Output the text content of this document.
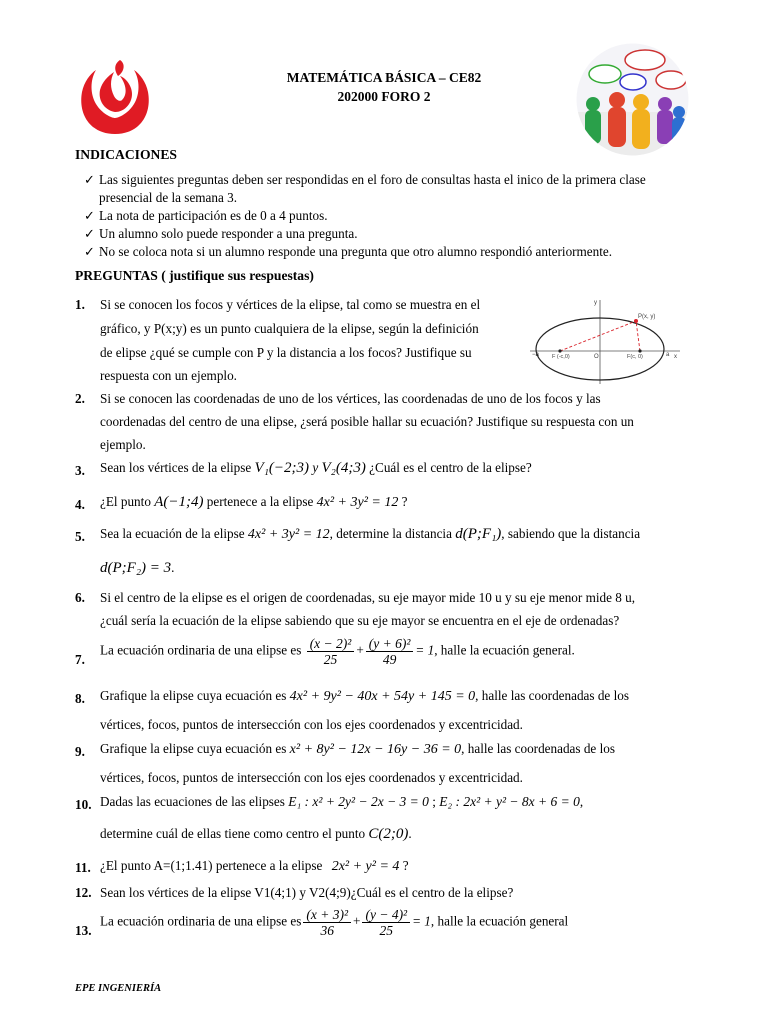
MATEMÁTICA BÁSICA – CE82
202000 FORO 2
INDICACIONES
✓ Las siguientes preguntas deben ser respondidas en el foro de consultas hasta el inico de la primera clase
presencial de la semana 3.
✓ La nota de participación es de 0 a 4 puntos.
✓ Un alumno solo puede responder a una pregunta.
✓ No se coloca nota si un alumno responde una pregunta que otro alumno respondió anteriormente.
PREGUNTAS ( justifique sus respuestas)
1. Si se conocen los focos y vértices de la elipse, tal como se muestra en el
gráfico, y P(x;y) es un punto cualquiera de la elipse, según la definición
de elipse ¿qué se cumple con P y la distancia a los focos? Justifique su
respuesta con un ejemplo.
y
x
P(x, y)
−a F (-c,0)	O	F(c, 0)	a
2. Si se conocen las coordenadas de uno de los vértices, las coordenadas de uno de los focos y las
coordenadas del centro de una elipse, ¿será posible hallar su ecuación? Justifique su respuesta con un
ejemplo.
3. Sean los vértices de la elipse V₁(−2;3) y V₂(4;3) ¿Cuál es el centro de la elipse?
4. ¿El punto A(−1;4) pertenece a la elipse 4x² + 3y² = 12 ?
5. Sea la ecuación de la elipse 4x² + 3y² = 12, determine la distancia d(P;F₁), sabiendo que la distancia
d(P;F₂) = 3.
6. Si el centro de la elipse es el origen de coordenadas, su eje mayor mide 10 u y su eje menor mide 8 u,
¿cuál sería la ecuación de la elipse sabiendo que su eje mayor se encuentra en el eje de ordenadas?
7.
La ecuación ordinaria de una elipse es $\frac{\text{(x − 2)²}}{25} + \frac{\text{(y + 6)²}}{49} = 1$, halle la ecuación general.
8. Grafique la elipse cuya ecuación es 4x² + 9y² − 40x + 54y + 145 = 0, halle las coordenadas de los
vértices, focos, puntos de intersección con los ejes coordenados y excentricidad.
9. Grafique la elipse cuya ecuación es x² + 8y² − 12x − 16y − 36 = 0, halle las coordenadas de los
vértices, focos, puntos de intersección con los ejes coordenados y excentricidad.
10. Dadas las ecuaciones de las elipses E₁ : x² + 2y² − 2x − 3 = 0 ; E₂ : 2x² + y² − 8x + 6 = 0,
determine cuál de ellas tiene como centro el punto C(2;0).
11. ¿El punto A=(1;1.41) pertenece a la elipse 2x² + y² = 4 ?
12. Sean los vértices de la elipse V1(4;1) y V2(4;9)¿Cuál es el centro de la elipse?
13.
La ecuación ordinaria de una elipse es $\frac{\text{(x + 3)²}}{36} + \frac{\text{(y − 4)²}}{25} = 1$, halle la ecuación general
EPE INGENIERÍA
